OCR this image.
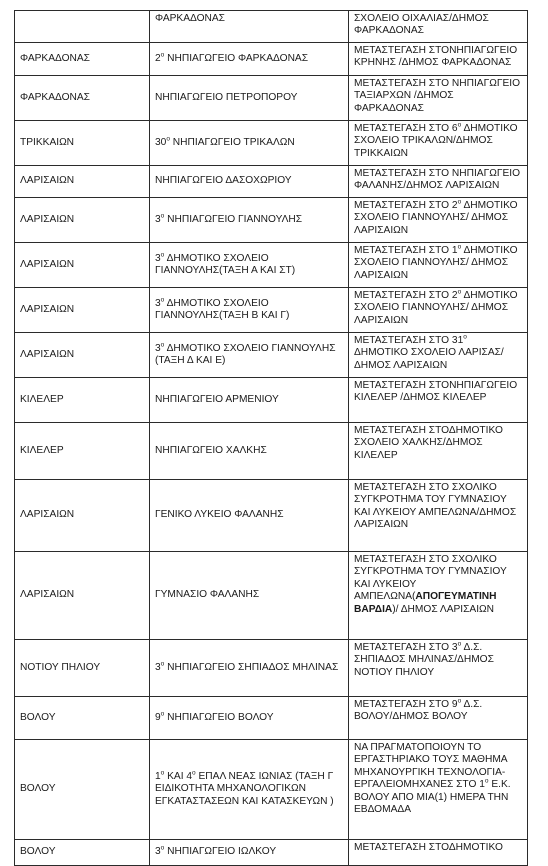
	ΦΑΡΚΑΔΟΝΑΣ	ΣΧΟΛΕΙΟ ΟΙΧΑΛΙΑΣ/ΔΗΜΟΣ ΦΑΡΚΑΔΟΝΑΣ
ΦΑΡΚΑΔΟΝΑΣ	$2^o$ ΝΗΠΙΑΓΩΓΕΙΟ ΦΑΡΚΑΔΟΝΑΣ	ΜΕΤΑΣΤΕΓΑΣΗ ΣΤΟΝΗΠΙΑΓΩΓΕΙΟ ΚΡΗΝΗΣ /ΔΗΜΟΣ ΦΑΡΚΑΔΟΝΑΣ
ΦΑΡΚΑΔΟΝΑΣ	ΝΗΠΙΑΓΩΓΕΙΟ ΠΕΤΡΟΠΟΡΟΥ	ΜΕΤΑΣΤΕΓΑΣΗ ΣΤΟ ΝΗΠΙΑΓΩΓΕΙΟ ΤΑΞΙΑΡΧΩΝ /ΔΗΜΟΣ ΦΑΡΚΑΔΟΝΑΣ
ΤΡΙΚΚΑΙΩΝ	$30^o$ ΝΗΠΙΑΓΩΓΕΙΟ ΤΡΙΚΑΛΩΝ	ΜΕΤΑΣΤΕΓΑΣΗ ΣΤΟ $6^o$ ΔΗΜΟΤΙΚΟ ΣΧΟΛΕΙΟ ΤΡΙΚΑΛΩΝ/ΔΗΜΟΣ ΤΡΙΚΚΑΙΩΝ
ΛΑΡΙΣΑΙΩΝ	ΝΗΠΙΑΓΩΓΕΙΟ ΔΑΣΟΧΩΡΙΟΥ	ΜΕΤΑΣΤΕΓΑΣΗ ΣΤΟ ΝΗΠΙΑΓΩΓΕΙΟ ΦΑΛΑΝΗΣ/ΔΗΜΟΣ ΛΑΡΙΣΑΙΩΝ
ΛΑΡΙΣΑΙΩΝ	$3^o$ ΝΗΠΙΑΓΩΓΕΙΟ ΓΙΑΝΝΟΥΛΗΣ	ΜΕΤΑΣΤΕΓΑΣΗ ΣΤΟ $2^o$ ΔΗΜΟΤΙΚΟ ΣΧΟΛΕΙΟ ΓΙΑΝΝΟΥΛΗΣ/ ΔΗΜΟΣ ΛΑΡΙΣΑΙΩΝ
ΛΑΡΙΣΑΙΩΝ	$3^o$ ΔΗΜΟΤΙΚΟ ΣΧΟΛΕΙΟ ΓΙΑΝΝΟΥΛΗΣ(ΤΑΞΗ Α ΚΑΙ ΣΤ)	ΜΕΤΑΣΤΕΓΑΣΗ ΣΤΟ $1^o$ ΔΗΜΟΤΙΚΟ ΣΧΟΛΕΙΟ ΓΙΑΝΝΟΥΛΗΣ/ ΔΗΜΟΣ ΛΑΡΙΣΑΙΩΝ
ΛΑΡΙΣΑΙΩΝ	$3^o$ ΔΗΜΟΤΙΚΟ ΣΧΟΛΕΙΟ ΓΙΑΝΝΟΥΛΗΣ(ΤΑΞΗ Β ΚΑΙ Γ)	ΜΕΤΑΣΤΕΓΑΣΗ ΣΤΟ $2^o$ ΔΗΜΟΤΙΚΟ ΣΧΟΛΕΙΟ ΓΙΑΝΝΟΥΛΗΣ/ ΔΗΜΟΣ ΛΑΡΙΣΑΙΩΝ
ΛΑΡΙΣΑΙΩΝ	$3^o$ ΔΗΜΟΤΙΚΟ ΣΧΟΛΕΙΟ ΓΙΑΝΝΟΥΛΗΣ (ΤΑΞΗ Δ ΚΑΙ Ε)	ΜΕΤΑΣΤΕΓΑΣΗ ΣΤΟ $31^o$ ΔΗΜΟΤΙΚΟ ΣΧΟΛΕΙΟ ΛΑΡΙΣΑΣ/ ΔΗΜΟΣ ΛΑΡΙΣΑΙΩΝ
ΚΙΛΕΛΕΡ	ΝΗΠΙΑΓΩΓΕΙΟ ΑΡΜΕΝΙΟΥ	ΜΕΤΑΣΤΕΓΑΣΗ ΣΤΟΝΗΠΙΑΓΩΓΕΙΟ ΚΙΛΕΛΕΡ /ΔΗΜΟΣ ΚΙΛΕΛΕΡ
ΚΙΛΕΛΕΡ	ΝΗΠΙΑΓΩΓΕΙΟ ΧΑΛΚΗΣ	ΜΕΤΑΣΤΕΓΑΣΗ ΣΤΟΔΗΜΟΤΙΚΟ ΣΧΟΛΕΙΟ ΧΑΛΚΗΣ/ΔΗΜΟΣ ΚΙΛΕΛΕΡ
ΛΑΡΙΣΑΙΩΝ	ΓΕΝΙΚΟ ΛΥΚΕΙΟ ΦΑΛΑΝΗΣ	ΜΕΤΑΣΤΕΓΑΣΗ ΣΤΟ ΣΧΟΛΙΚΟ ΣΥΓΚΡΟΤΗΜΑ ΤΟΥ ΓΥΜΝΑΣΙΟΥ ΚΑΙ ΛΥΚΕΙΟΥ ΑΜΠΕΛΩΝΑ/ΔΗΜΟΣ ΛΑΡΙΣΑΙΩΝ
ΛΑΡΙΣΑΙΩΝ	ΓΥΜΝΑΣΙΟ ΦΑΛΑΝΗΣ	ΜΕΤΑΣΤΕΓΑΣΗ ΣΤΟ ΣΧΟΛΙΚΟ ΣΥΓΚΡΟΤΗΜΑ ΤΟΥ ΓΥΜΝΑΣΙΟΥ ΚΑΙ ΛΥΚΕΙΟΥ ΑΜΠΕΛΩΝΑ(ΑΠΟΓΕΥΜΑΤΙΝΗ ΒΑΡΔΙΑ)/ ΔΗΜΟΣ ΛΑΡΙΣΑΙΩΝ
ΝΟΤΙΟΥ ΠΗΛΙΟΥ	$3^o$ ΝΗΠΙΑΓΩΓΕΙΟ ΣΗΠΙΑΔΟΣ ΜΗΛΙΝΑΣ	ΜΕΤΑΣΤΕΓΑΣΗ ΣΤΟ $3^o$ Δ.Σ. ΣΗΠΙΑΔΟΣ ΜΗΛΙΝΑΣ/ΔΗΜΟΣ ΝΟΤΙΟΥ ΠΗΛΙΟΥ
ΒΟΛΟΥ	$9^o$ ΝΗΠΙΑΓΩΓΕΙΟ ΒΟΛΟΥ	ΜΕΤΑΣΤΕΓΑΣΗ ΣΤΟ $9^o$ Δ.Σ. ΒΟΛΟΥ/ΔΗΜΟΣ ΒΟΛΟΥ
ΒΟΛΟΥ	$1^o$ ΚΑΙ $4^o$ ΕΠΑΛ ΝΕΑΣ ΙΩΝΙΑΣ (ΤΑΞΗ Γ ΕΙΔΙΚΟΤΗΤΑ ΜΗΧΑΝΟΛΟΓΙΚΩΝ ΕΓΚΑΤΑΣΤΑΣΕΩΝ ΚΑΙ ΚΑΤΑΣΚΕΥΩΝ )	ΝΑ ΠΡΑΓΜΑΤΟΠΟΙΟΥΝ ΤΟ ΕΡΓΑΣΤΗΡΙΑΚΟ ΤΟΥΣ ΜΑΘΗΜΑ ΜΗΧΑΝΟΥΡΓΙΚΗ ΤΕΧΝΟΛΟΓΙΑ-ΕΡΓΑΛΕΙΟΜΗΧΑΝΕΣ ΣΤΟ $1^o$ Ε.Κ. ΒΟΛΟΥ ΑΠΟ ΜΙΑ(1) ΗΜΕΡΑ ΤΗΝ ΕΒΔΟΜΑΔΑ
ΒΟΛΟΥ	$3^o$ ΝΗΠΙΑΓΩΓΕΙΟ ΙΩΛΚΟΥ	ΜΕΤΑΣΤΕΓΑΣΗ ΣΤΟΔΗΜΟΤΙΚΟ
